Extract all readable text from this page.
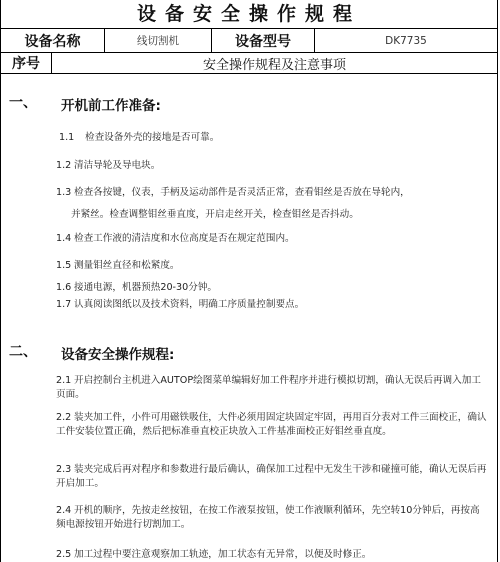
设备安全操作规程
设备名称	线切割机	设备型号	DK7735
序号	安全操作规程及注意事项
一、 开机前工作准备:
1.1 检查设备外壳的接地是否可靠。
1.2 清洁导轮及导电块。
1.3 检查各按键，仪表，手柄及运动部件是否灵活正常，查看钼丝是否放在导轮内，
并紧丝。检查调整钼丝垂直度，开启走丝开关，检查钼丝是否抖动。
1.4 检查工作液的清洁度和水位高度是否在规定范围内。
1.5 测量钼丝直径和松紧度。
1.6 接通电源，机器预热20-30分钟。
1.7 认真阅读图纸以及技术资料，明确工序质量控制要点。
二、 设备安全操作规程:
2.1 开启控制台主机进入AUTOP绘图菜单编辑好加工件程序并进行模拟切割，确认无误后再调入加工页面。
2.2 装夹加工件，小件可用磁铁吸住，大件必须用固定块固定牢固，再用百分表对工件三面校正，确认工件安装位置正确，然后把标准垂直校正块放入工件基准面校正好钼丝垂直度。
2.3 装夹完成后再对程序和参数进行最后确认，确保加工过程中无发生干涉和碰撞可能，确认无误后再开启加工。
2.4 开机的顺序，先按走丝按钮，在按工作液泵按钮，使工作液顺利循环，先空转10分钟后，再按高频电源按钮开始进行切割加工。
2.5 加工过程中要注意观察加工轨迹，加工状态有无异常，以便及时修正。
